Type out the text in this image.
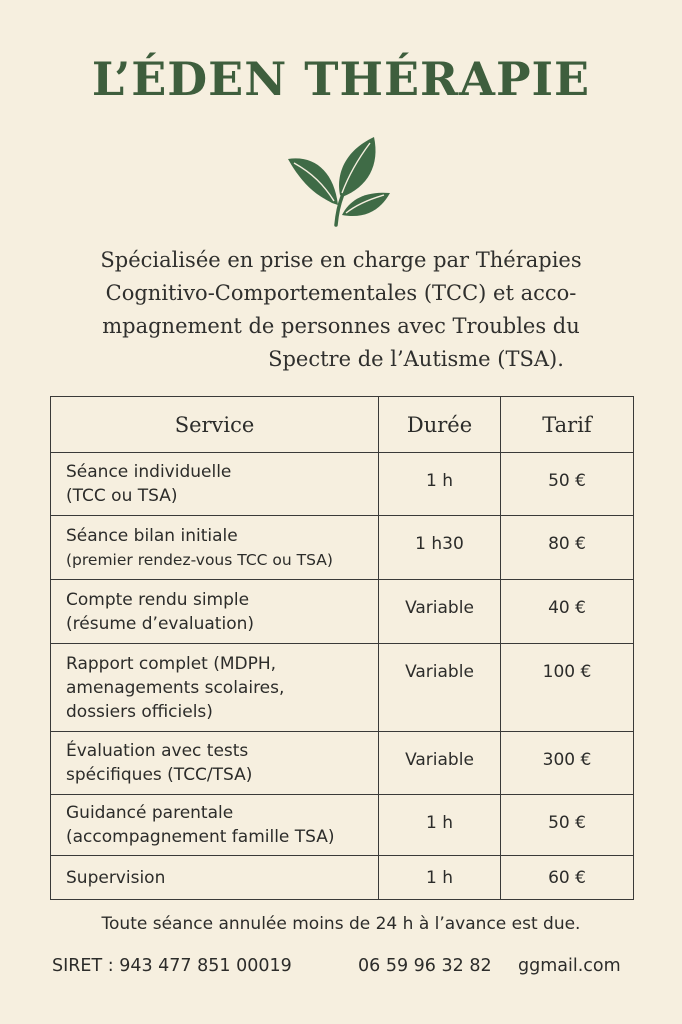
L’ÉDEN THÉRAPIE
Spécialisée en prise en charge par Thérapies
Cognitivo-Comportementales (TCC) et acco-
mpagnement de personnes avec Troubles du
Spectre de l’Autisme (TSA).
Service	Durée	Tarif

Séance individuelle
(TCC ou TSA)	1 h	50 €

Séance bilan initiale
(premier rendez-vous TCC ou TSA)	1 h30	80 €

Compte rendu simple
(résume d’evaluation)	Variable	40 €

Rapport complet (MDPH,
amenagements scolaires,
dossiers officiels)	Variable	100 €

Évaluation avec tests
spécifiques (TCC/TSA)	Variable	300 €

Guidancé parentale
(accompagnement famille TSA)	1 h	50 €

Supervision	1 h	60 €
Toute séance annulée moins de 24 h à l’avance est due.
SIRET : 943 477 851 00019	06 59 96 32 82 ggmail.com
